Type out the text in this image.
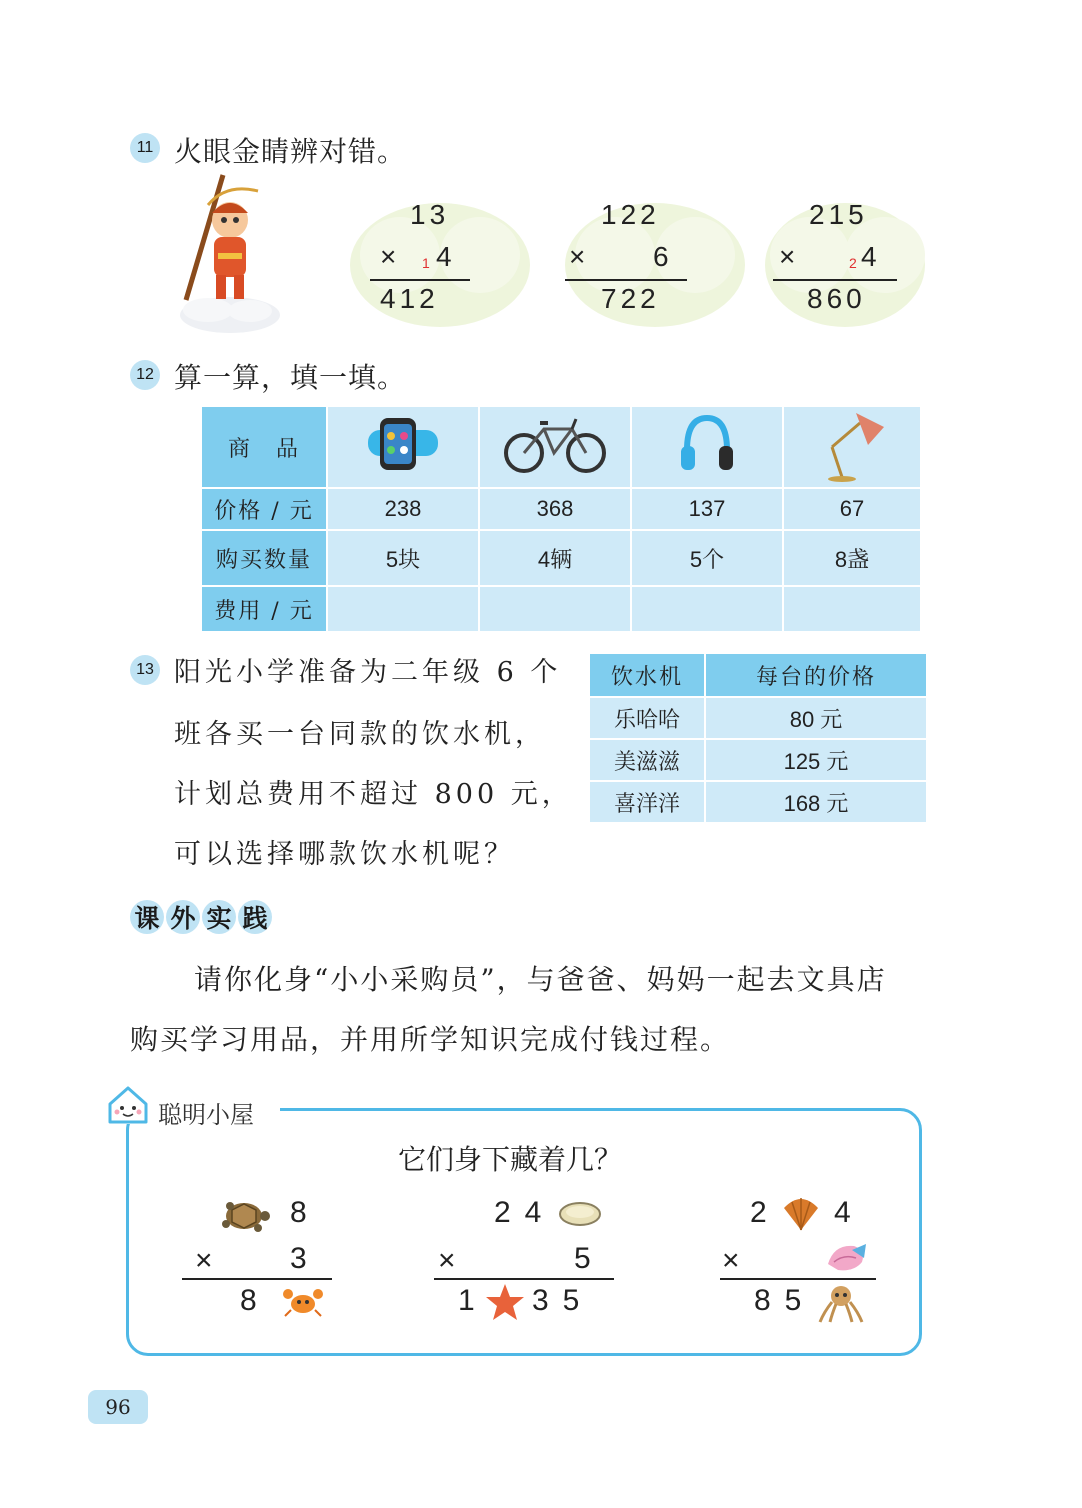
11 火眼金睛辨对错。
13
× 1 4
412
122
× 6
722
215
×	2 4
860
12 算一算，填一填。
商　品				
价格 / 元	238	368	137	67
购买数量	5块	4辆	5个	8盏
费用 / 元				
13 阳光小学准备为二年级 6 个
班各买一台同款的饮水机，
计划总费用不超过 800 元，
可以选择哪款饮水机呢？
饮水机	每台的价格
乐哈哈	80 元
美滋滋	125 元
喜洋洋	168 元
课 外 实 践
请你化身“小小采购员”，与爸爸、妈妈一起去文具店
购买学习用品，并用所学知识完成付钱过程。
聪明小屋
它们身下藏着几？
8
×	3
8
24
×	5
1 35
2 4
×
85
96
